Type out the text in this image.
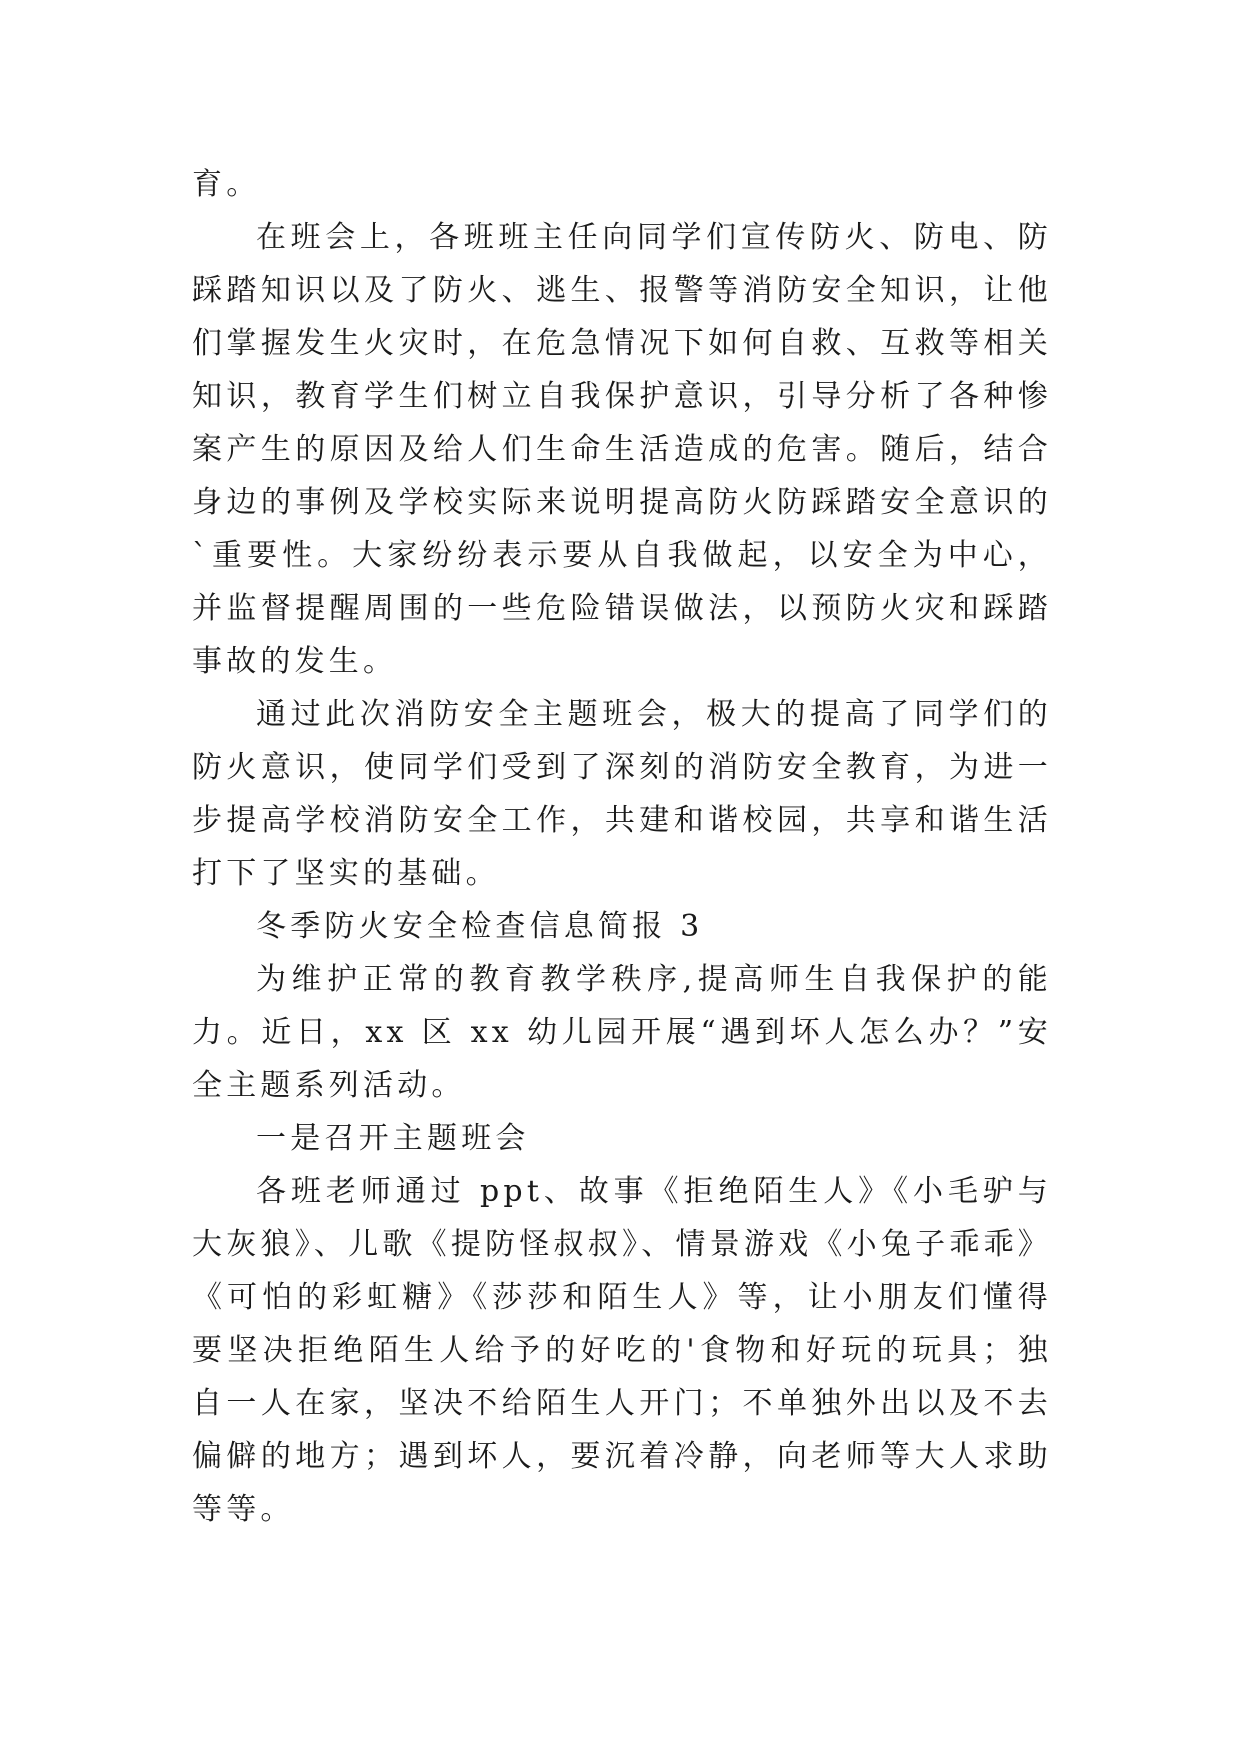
育。

在班会上，各班班主任向同学们宣传防火、防电、防踩踏知识以及了防火、逃生、报警等消防安全知识，让他们掌握发生火灾时，在危急情况下如何自救、互救等相关知识，教育学生们树立自我保护意识，引导分析了各种惨案产生的原因及给人们生命生活造成的危害。随后，结合身边的事例及学校实际来说明提高防火防踩踏安全意识的`重要性。大家纷纷表示要从自我做起，以安全为中心，并监督提醒周围的一些危险错误做法，以预防火灾和踩踏事故的发生。

通过此次消防安全主题班会，极大的提高了同学们的防火意识，使同学们受到了深刻的消防安全教育，为进一步提高学校消防安全工作，共建和谐校园，共享和谐生活打下了坚实的基础。

冬季防火安全检查信息简报 3

为维护正常的教育教学秩序,提高师生自我保护的能力。近日，xx 区 xx 幼儿园开展“遇到坏人怎么办？”安全主题系列活动。

一是召开主题班会

各班老师通过 ppt、故事《拒绝陌生人》《小毛驴与大灰狼》、儿歌《提防怪叔叔》、情景游戏《小兔子乖乖》《可怕的彩虹糖》《莎莎和陌生人》等，让小朋友们懂得要坚决拒绝陌生人给予的好吃的'食物和好玩的玩具；独自一人在家，坚决不给陌生人开门；不单独外出以及不去偏僻的地方；遇到坏人，要沉着冷静，向老师等大人求助等等。
